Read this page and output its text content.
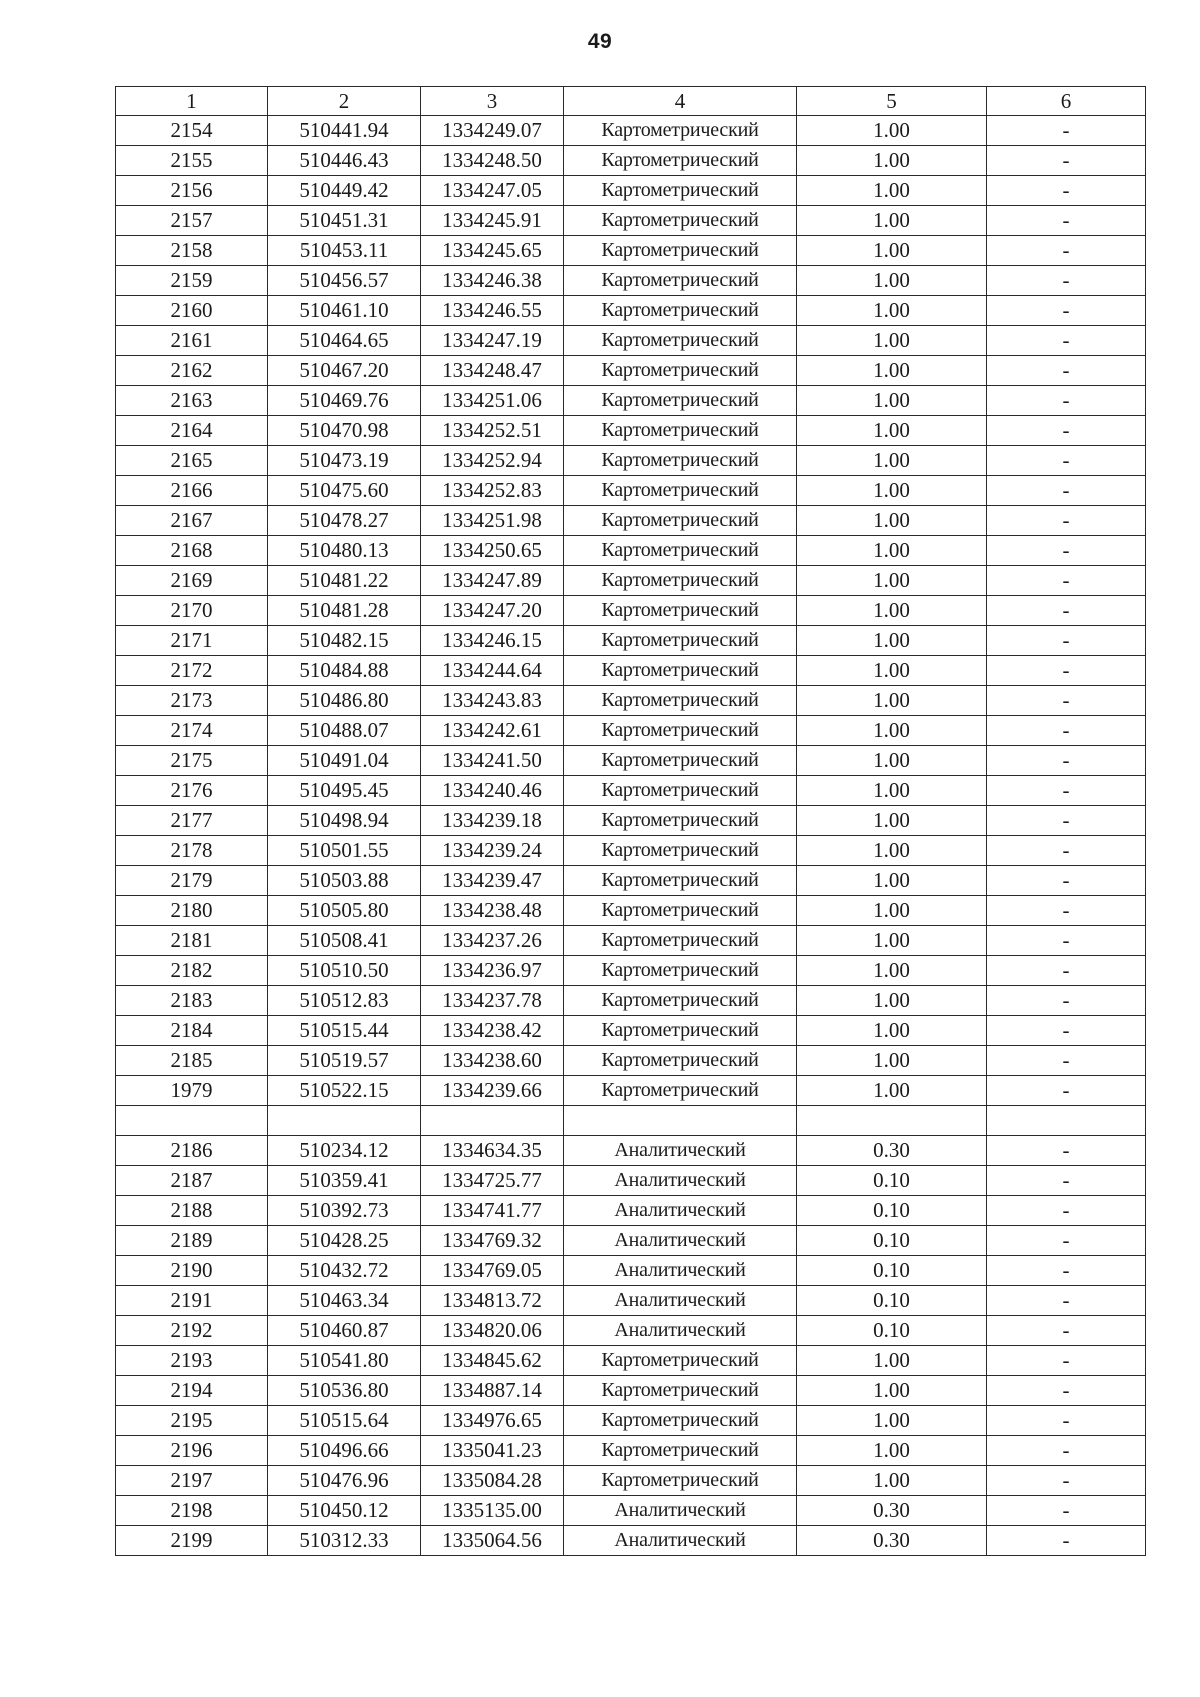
49
1	2	3	4	5	6
2154	510441.94	1334249.07	Картометрический	1.00	-
2155	510446.43	1334248.50	Картометрический	1.00	-
2156	510449.42	1334247.05	Картометрический	1.00	-
2157	510451.31	1334245.91	Картометрический	1.00	-
2158	510453.11	1334245.65	Картометрический	1.00	-
2159	510456.57	1334246.38	Картометрический	1.00	-
2160	510461.10	1334246.55	Картометрический	1.00	-
2161	510464.65	1334247.19	Картометрический	1.00	-
2162	510467.20	1334248.47	Картометрический	1.00	-
2163	510469.76	1334251.06	Картометрический	1.00	-
2164	510470.98	1334252.51	Картометрический	1.00	-
2165	510473.19	1334252.94	Картометрический	1.00	-
2166	510475.60	1334252.83	Картометрический	1.00	-
2167	510478.27	1334251.98	Картометрический	1.00	-
2168	510480.13	1334250.65	Картометрический	1.00	-
2169	510481.22	1334247.89	Картометрический	1.00	-
2170	510481.28	1334247.20	Картометрический	1.00	-
2171	510482.15	1334246.15	Картометрический	1.00	-
2172	510484.88	1334244.64	Картометрический	1.00	-
2173	510486.80	1334243.83	Картометрический	1.00	-
2174	510488.07	1334242.61	Картометрический	1.00	-
2175	510491.04	1334241.50	Картометрический	1.00	-
2176	510495.45	1334240.46	Картометрический	1.00	-
2177	510498.94	1334239.18	Картометрический	1.00	-
2178	510501.55	1334239.24	Картометрический	1.00	-
2179	510503.88	1334239.47	Картометрический	1.00	-
2180	510505.80	1334238.48	Картометрический	1.00	-
2181	510508.41	1334237.26	Картометрический	1.00	-
2182	510510.50	1334236.97	Картометрический	1.00	-
2183	510512.83	1334237.78	Картометрический	1.00	-
2184	510515.44	1334238.42	Картометрический	1.00	-
2185	510519.57	1334238.60	Картометрический	1.00	-
1979	510522.15	1334239.66	Картометрический	1.00	-

2186	510234.12	1334634.35	Аналитический	0.30	-
2187	510359.41	1334725.77	Аналитический	0.10	-
2188	510392.73	1334741.77	Аналитический	0.10	-
2189	510428.25	1334769.32	Аналитический	0.10	-
2190	510432.72	1334769.05	Аналитический	0.10	-
2191	510463.34	1334813.72	Аналитический	0.10	-
2192	510460.87	1334820.06	Аналитический	0.10	-
2193	510541.80	1334845.62	Картометрический	1.00	-
2194	510536.80	1334887.14	Картометрический	1.00	-
2195	510515.64	1334976.65	Картометрический	1.00	-
2196	510496.66	1335041.23	Картометрический	1.00	-
2197	510476.96	1335084.28	Картометрический	1.00	-
2198	510450.12	1335135.00	Аналитический	0.30	-
2199	510312.33	1335064.56	Аналитический	0.30	-
